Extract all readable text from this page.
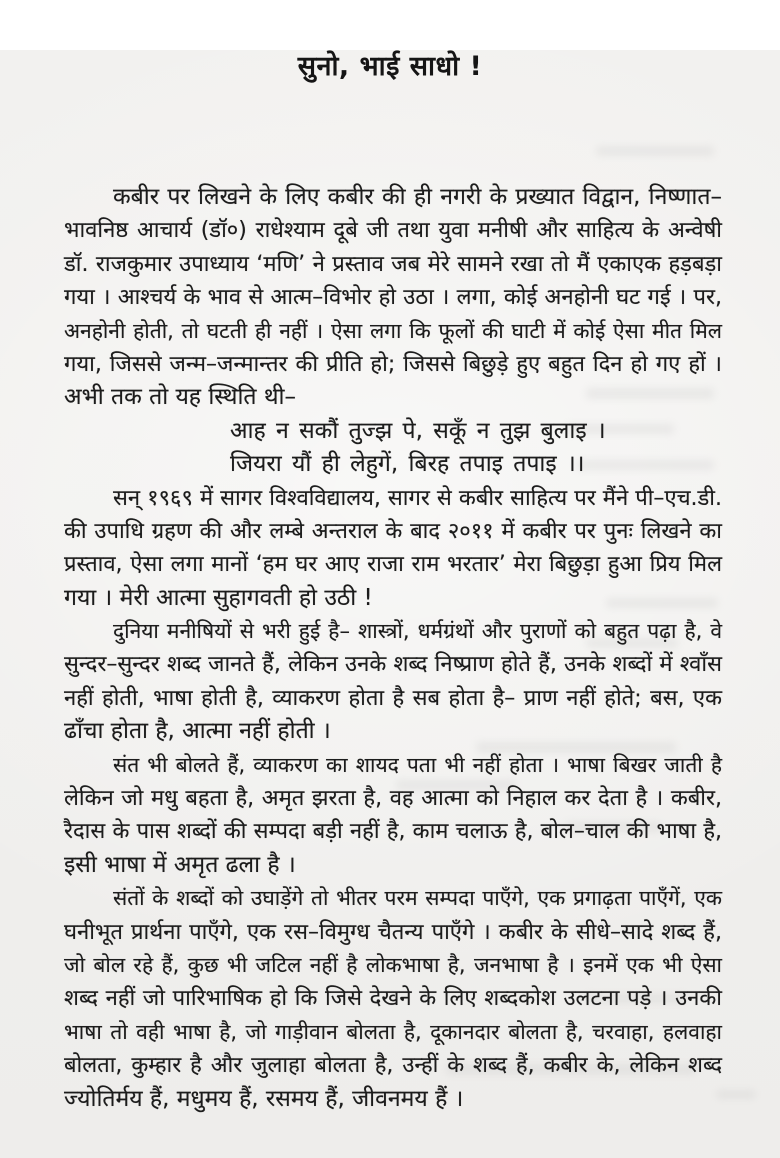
सुनो, भाई साधो !
कबीर पर लिखने के लिए कबीर की ही नगरी के प्रख्यात विद्वान, निष्णात–
भावनिष्ठ आचार्य (डॉ०) राधेश्याम दूबे जी तथा युवा मनीषी और साहित्य के अन्वेषी
डॉ. राजकुमार उपाध्याय ‘मणि’ ने प्रस्ताव जब मेरे सामने रखा तो मैं एकाएक हड़बड़ा
गया । आश्चर्य के भाव से आत्म–विभोर हो उठा । लगा, कोई अनहोनी घट गई । पर,
अनहोनी होती, तो घटती ही नहीं । ऐसा लगा कि फूलों की घाटी में कोई ऐसा मीत मिल
गया, जिससे जन्म–जन्मान्तर की प्रीति हो; जिससे बिछुड़े हुए बहुत दिन हो गए हों ।
अभी तक तो यह स्थिति थी–
आह न सकौं तुज्झ पे, सकूँ न तुझ बुलाइ ।
जियरा यौं ही लेहुगें, बिरह तपाइ तपाइ ।।
सन् १९६९ में सागर विश्वविद्यालय, सागर से कबीर साहित्य पर मैंने पी–एच.डी.
की उपाधि ग्रहण की और लम्बे अन्तराल के बाद २०११ में कबीर पर पुनः लिखने का
प्रस्ताव, ऐसा लगा मानों ‘हम घर आए राजा राम भरतार’ मेरा बिछुड़ा हुआ प्रिय मिल
गया । मेरी आत्मा सुहागवती हो उठी !
दुनिया मनीषियों से भरी हुई है– शास्त्रों, धर्मग्रंथों और पुराणों को बहुत पढ़ा है, वे
सुन्दर–सुन्दर शब्द जानते हैं, लेकिन उनके शब्द निष्प्राण होते हैं, उनके शब्दों में श्वाँस
नहीं होती, भाषा होती है, व्याकरण होता है सब होता है– प्राण नहीं होते; बस, एक
ढाँचा होता है, आत्मा नहीं होती ।
संत भी बोलते हैं, व्याकरण का शायद पता भी नहीं होता । भाषा बिखर जाती है
लेकिन जो मधु बहता है, अमृत झरता है, वह आत्मा को निहाल कर देता है । कबीर,
रैदास के पास शब्दों की सम्पदा बड़ी नहीं है, काम चलाऊ है, बोल–चाल की भाषा है,
इसी भाषा में अमृत ढला है ।
संतों के शब्दों को उघाड़ेंगे तो भीतर परम सम्पदा पाएँगे, एक प्रगाढ़ता पाएँगें, एक
घनीभूत प्रार्थना पाएँगे, एक रस–विमुग्ध चैतन्य पाएँगे । कबीर के सीधे–सादे शब्द हैं,
जो बोल रहे हैं, कुछ भी जटिल नहीं है लोकभाषा है, जनभाषा है । इनमें एक भी ऐसा
शब्द नहीं जो पारिभाषिक हो कि जिसे देखने के लिए शब्दकोश उलटना पड़े । उनकी
भाषा तो वही भाषा है, जो गाड़ीवान बोलता है, दूकानदार बोलता है, चरवाहा, हलवाहा
बोलता, कुम्हार है और जुलाहा बोलता है, उन्हीं के शब्द हैं, कबीर के, लेकिन शब्द
ज्योतिर्मय हैं, मधुमय हैं, रसमय हैं, जीवनमय हैं ।
